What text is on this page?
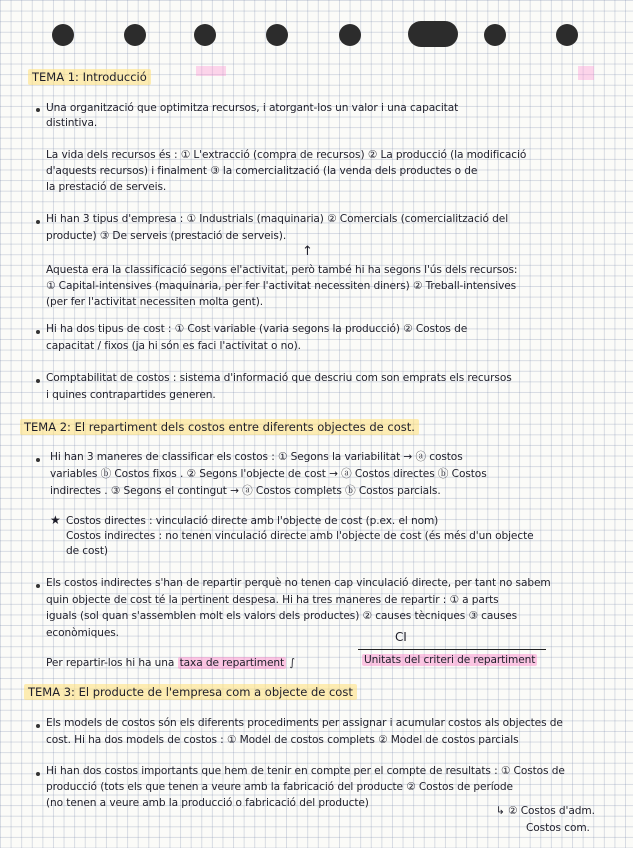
TEMA 1: Introducció
Una organització que optimitza recursos, i atorgant-los un valor i una capacitat
distintiva.
La vida dels recursos és : ① L'extracció (compra de recursos) ② La producció (la modificació
d'aquests recursos) i finalment ③ la comercialització (la venda dels productes o de
la prestació de serveis.
Hi han 3 tipus d'empresa : ① Industrials (maquinaria) ② Comercials (comercialització del
producte) ③ De serveis (prestació de serveis).
↑
Aquesta era la classificació segons el'activitat, però també hi ha segons l'ús dels recursos:
① Capital-intensives (maquinaria, per fer l'activitat necessiten diners) ② Treball-intensives
(per fer l'activitat necessiten molta gent).
Hi ha dos tipus de cost : ① Cost variable (varia segons la producció) ② Costos de
capacitat / fixos (ja hi són es faci l'activitat o no).
Comptabilitat de costos : sistema d'informació que descriu com son emprats els recursos
i quines contrapartides generen.
TEMA 2: El repartiment dels costos entre diferents objectes de cost.
Hi han 3 maneres de classificar els costos : ① Segons la variabilitat → ⓐ costos
variables ⓑ Costos fixos . ② Segons l'objecte de cost → ⓐ Costos directes ⓑ Costos
indirectes . ③ Segons el contingut → ⓐ Costos complets ⓑ Costos parcials.
★ Costos directes : vinculació directe amb l'objecte de cost (p.ex. el nom)
Costos indirectes : no tenen vinculació directe amb l'objecte de cost (és més d'un objecte
de cost)
Els costos indirectes s'han de repartir perquè no tenen cap vinculació directe, per tant no sabem
quin objecte de cost té la pertinent despesa. Hi ha tres maneres de repartir : ① a parts
iguals (sol quan s'assemblen molt els valors dels productes) ② causes tècniques ③ causes
econòmiques.
Per repartir-los hi ha una taxa de repartiment ∫
CI
Unitats del criteri de repartiment
TEMA 3: El producte de l'empresa com a objecte de cost
Els models de costos són els diferents procediments per assignar i acumular costos als objectes de
cost. Hi ha dos models de costos : ① Model de costos complets ② Model de costos parcials
Hi han dos costos importants que hem de tenir en compte per el compte de resultats : ① Costos de
producció (tots els que tenen a veure amb la fabricació del producte ② Costos de període
(no tenen a veure amb la producció o fabricació del producte)
↳ ② Costos d'adm.
Costos com.
